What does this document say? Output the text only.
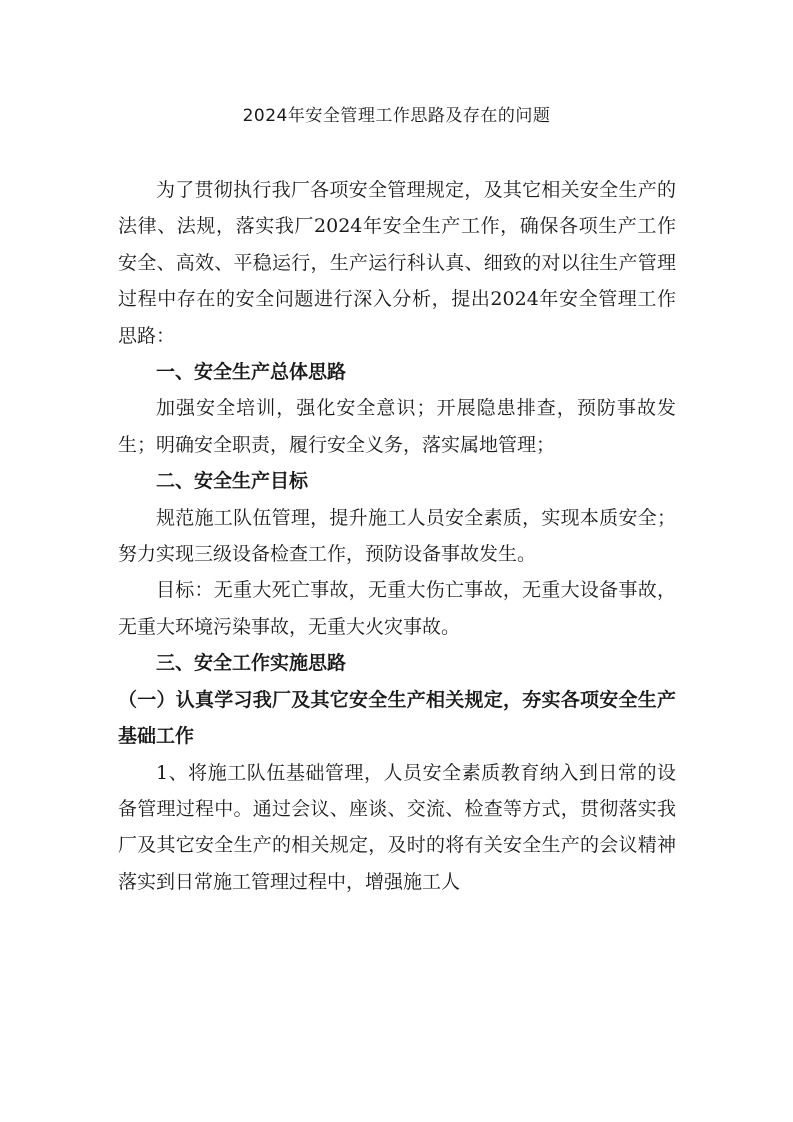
2024年安全管理工作思路及存在的问题

为了贯彻执行我厂各项安全管理规定，及其它相关安全生产的法律、法规，落实我厂2024年安全生产工作，确保各项生产工作安全、高效、平稳运行，生产运行科认真、细致的对以往生产管理过程中存在的安全问题进行深入分析，提出2024年安全管理工作思路：

一、安全生产总体思路

加强安全培训，强化安全意识；开展隐患排查，预防事故发生；明确安全职责，履行安全义务，落实属地管理；

二、安全生产目标

规范施工队伍管理，提升施工人员安全素质，实现本质安全；努力实现三级设备检查工作，预防设备事故发生。

目标：无重大死亡事故，无重大伤亡事故，无重大设备事故，无重大环境污染事故，无重大火灾事故。

三、安全工作实施思路

（一）认真学习我厂及其它安全生产相关规定，夯实各项安全生产基础工作

1、将施工队伍基础管理，人员安全素质教育纳入到日常的设备管理过程中。通过会议、座谈、交流、检查等方式，贯彻落实我厂及其它安全生产的相关规定，及时的将有关安全生产的会议精神落实到日常施工管理过程中，增强施工人
